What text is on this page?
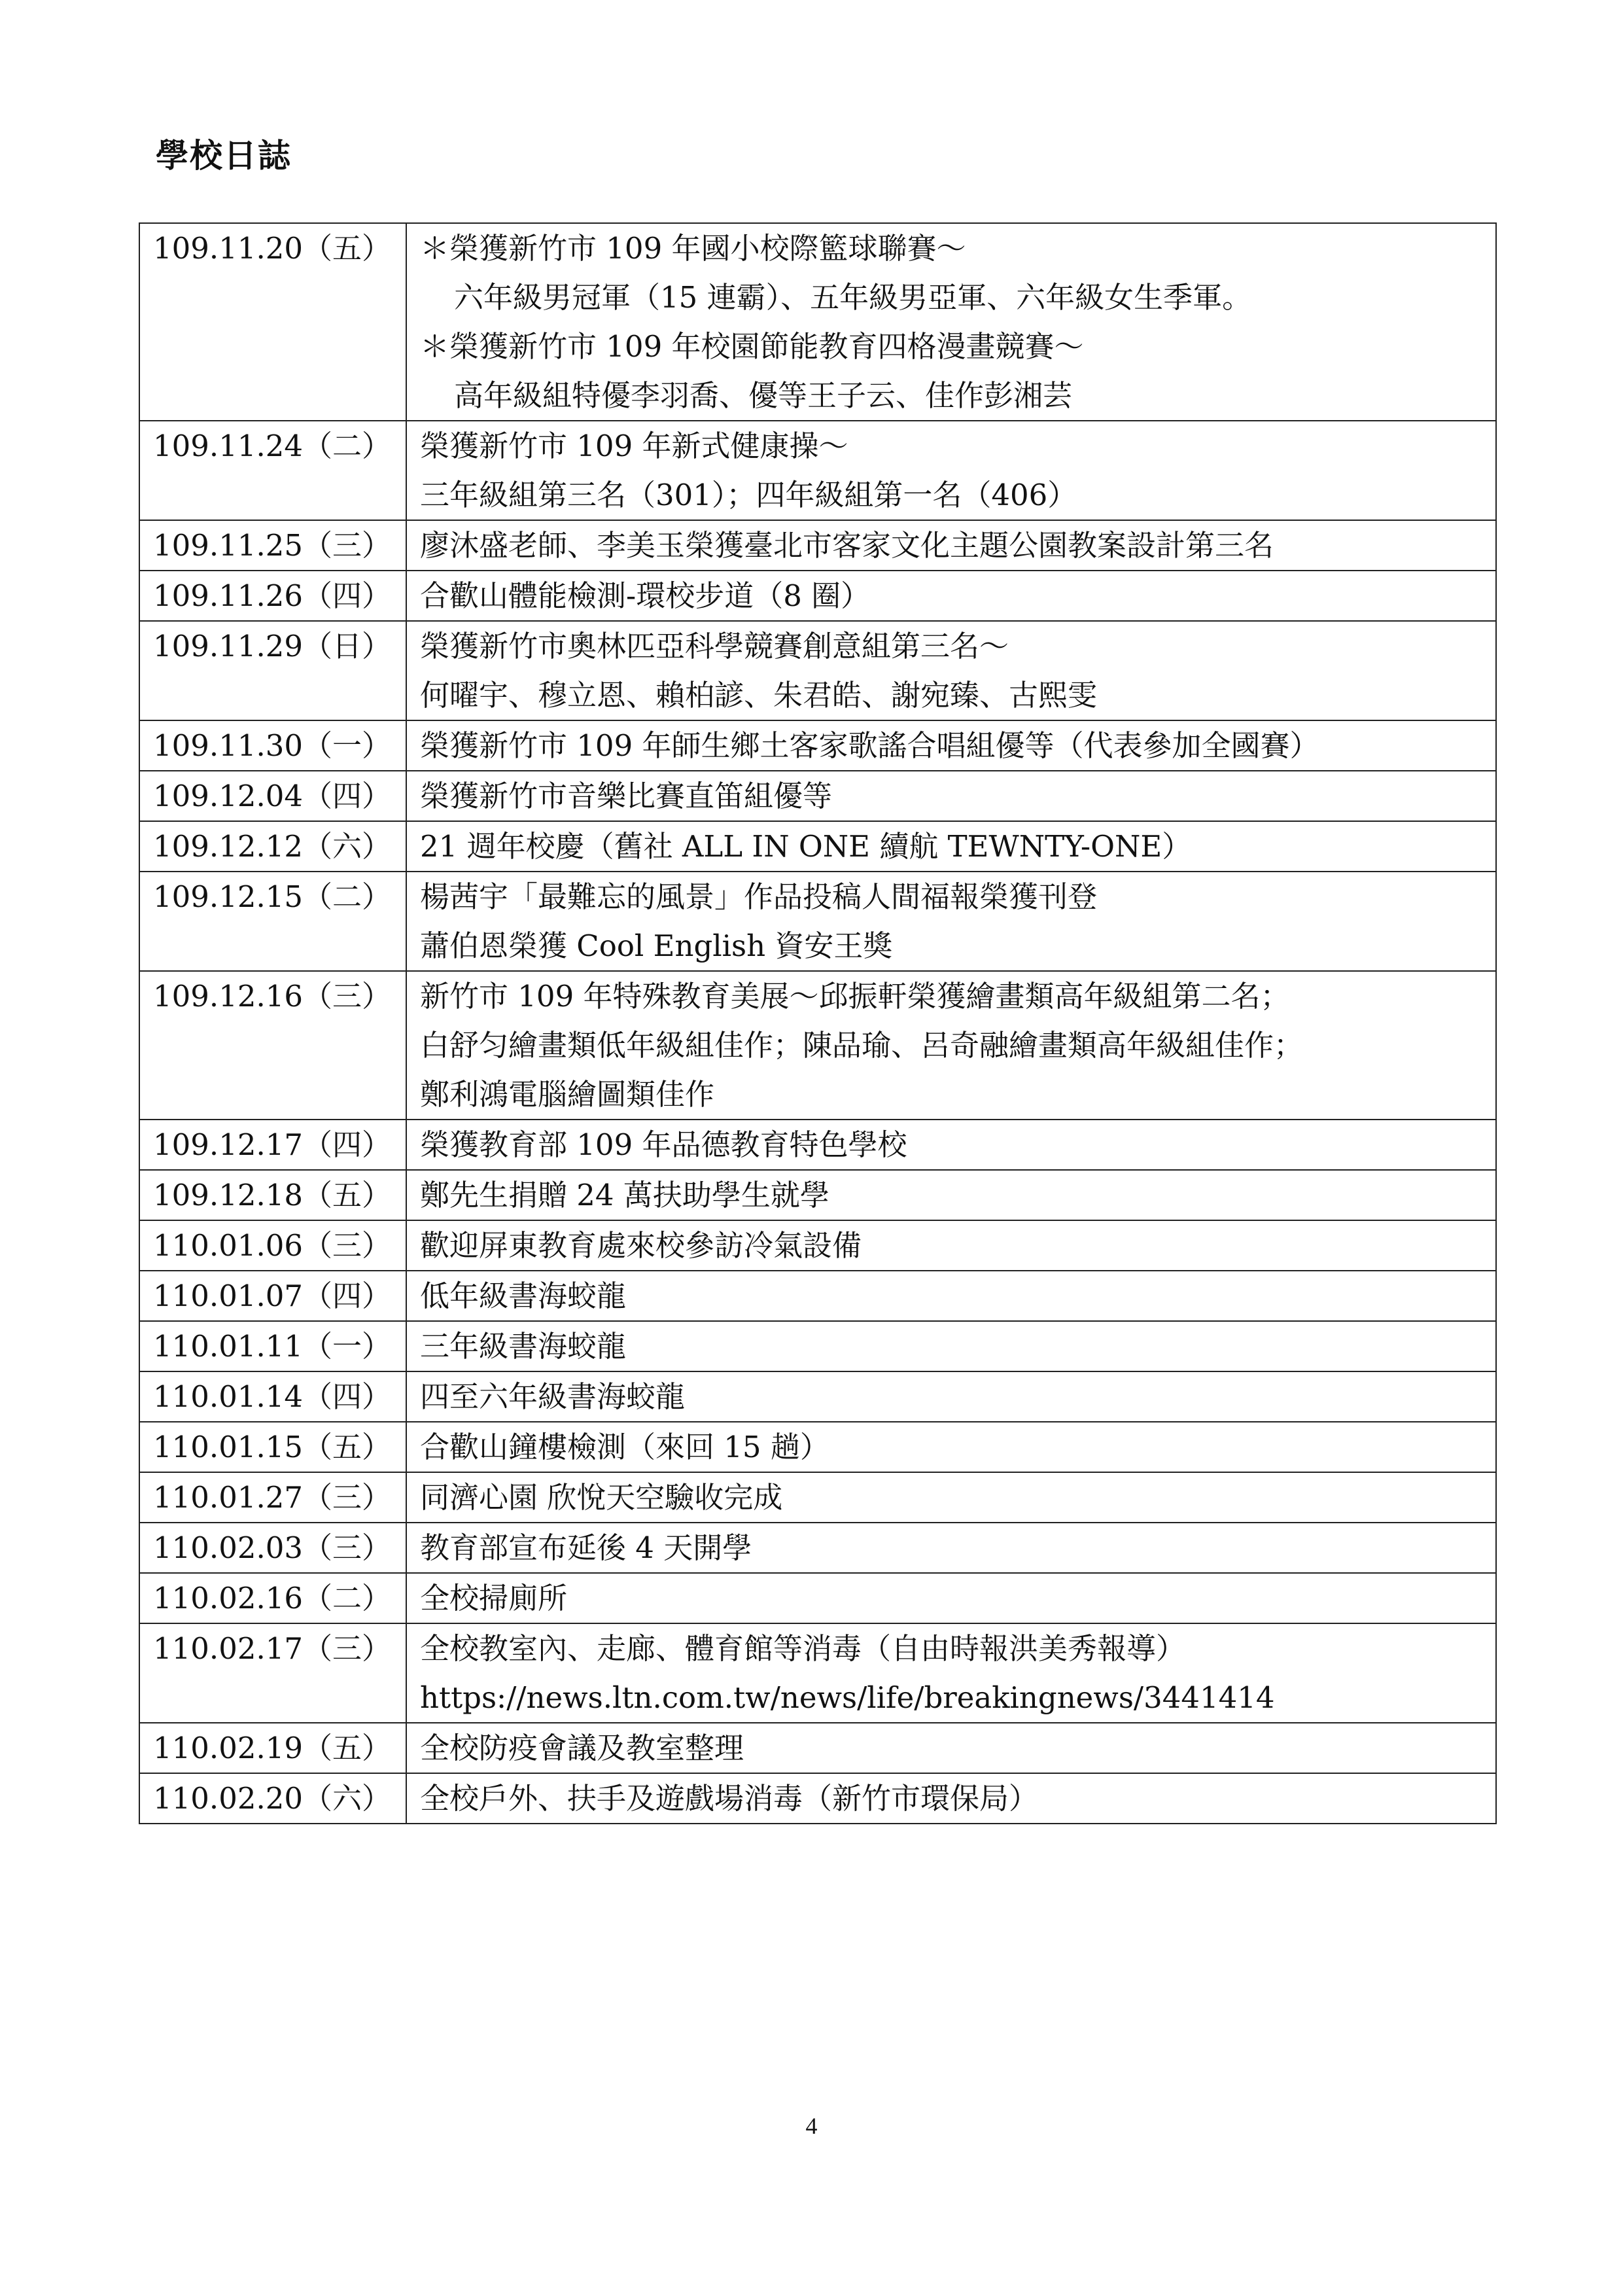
學校日誌
109.11.20（五）	＊榮獲新竹市 109 年國小校際籃球聯賽～
六年級男冠軍（15 連霸）、五年級男亞軍、六年級女生季軍。
＊榮獲新竹市 109 年校園節能教育四格漫畫競賽～
高年級組特優李羽喬、優等王子云、佳作彭湘芸

109.11.24（二）	榮獲新竹市 109 年新式健康操～
三年級組第三名（301）；四年級組第一名（406）

109.11.25（三）	廖沐盛老師、李美玉榮獲臺北市客家文化主題公園教案設計第三名

109.11.26（四）	合歡山體能檢測-環校步道（8 圈）

109.11.29（日）	榮獲新竹市奧林匹亞科學競賽創意組第三名～
何曜宇、穆立恩、賴柏諺、朱君皓、謝宛臻、古熙雯

109.11.30（一）	榮獲新竹市 109 年師生鄉土客家歌謠合唱組優等（代表參加全國賽）

109.12.04（四）	榮獲新竹市音樂比賽直笛組優等

109.12.12（六）	21 週年校慶（舊社 ALL IN ONE 續航 TEWNTY-ONE）

109.12.15（二）	楊茜宇「最難忘的風景」作品投稿人間福報榮獲刊登
蕭伯恩榮獲 Cool English 資安王獎

109.12.16（三）	新竹市 109 年特殊教育美展～邱振軒榮獲繪畫類高年級組第二名；
白舒匀繪畫類低年級組佳作；陳品瑜、呂奇融繪畫類高年級組佳作；
鄭利鴻電腦繪圖類佳作

109.12.17（四）	榮獲教育部 109 年品德教育特色學校

109.12.18（五）	鄭先生捐贈 24 萬扶助學生就學

110.01.06（三）	歡迎屏東教育處來校參訪冷氣設備

110.01.07（四）	低年級書海蛟龍

110.01.11（一）	三年級書海蛟龍

110.01.14（四）	四至六年級書海蛟龍

110.01.15（五）	合歡山鐘樓檢測（來回 15 趟）

110.01.27（三）	同濟心園 欣悅天空驗收完成

110.02.03（三）	教育部宣布延後 4 天開學

110.02.16（二）	全校掃廁所

110.02.17（三）	全校教室內、走廊、體育館等消毒（自由時報洪美秀報導）
https://news.ltn.com.tw/news/life/breakingnews/3441414

110.02.19（五）	全校防疫會議及教室整理

110.02.20（六）	全校戶外、扶手及遊戲場消毒（新竹市環保局）
4
